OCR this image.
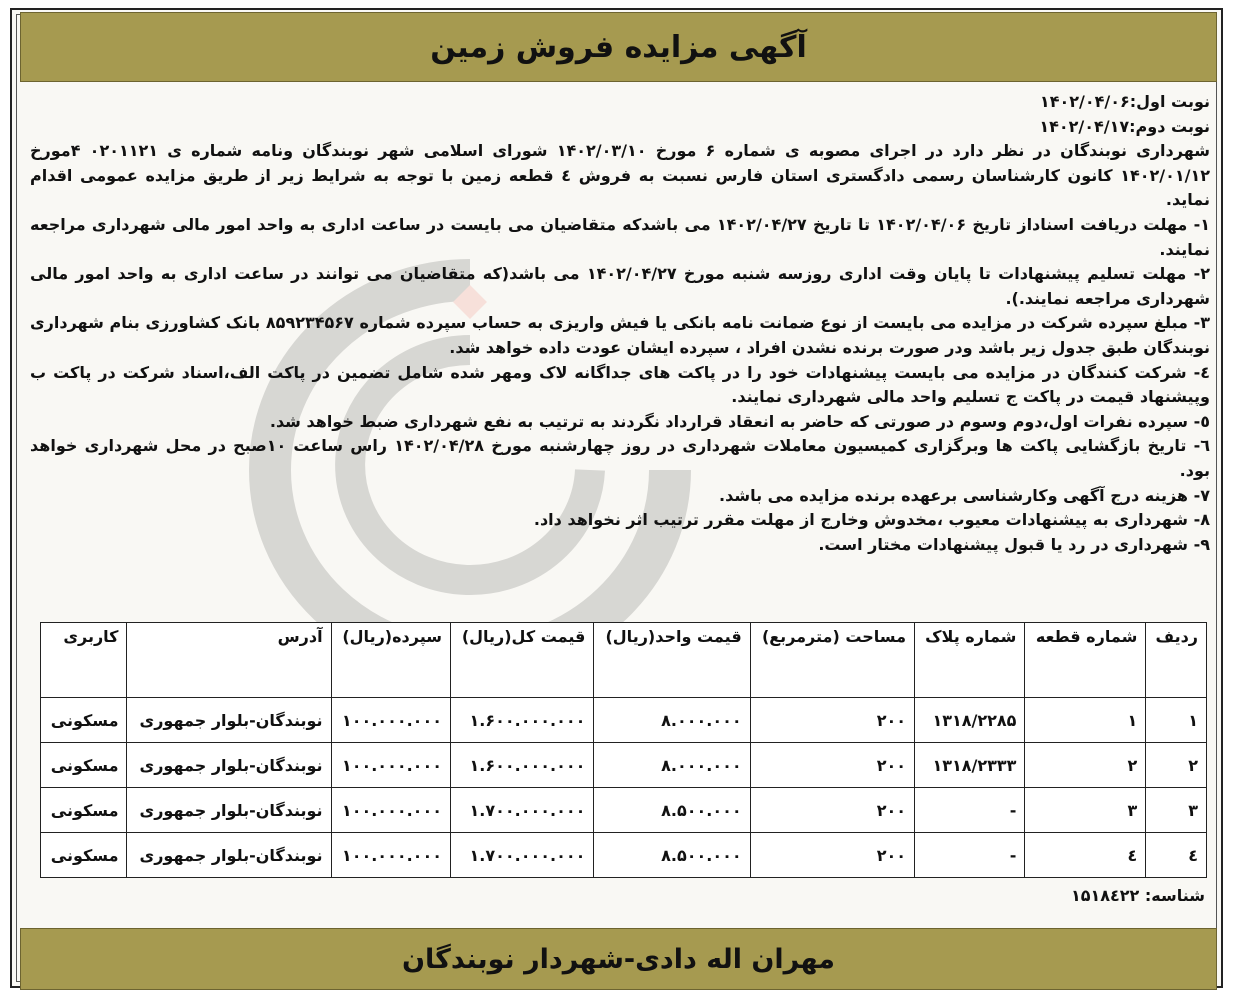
آگهی مزایده فروش زمین

نوبت اول:۱۴۰۲/۰۴/۰۶

نوبت دوم:۱۴۰۲/۰۴/۱۷

شهرداری نوبندگان در نظر دارد در اجرای مصوبه ی شماره ۶ مورخ ۱۴۰۲/۰۳/۱۰ شورای اسلامی شهر نوبندگان ونامه شماره ی ۰۲۰۱۱۲۱ ۴مورخ ۱۴۰۲/۰۱/۱۲ کانون کارشناسان رسمی دادگستری استان فارس نسبت به فروش ٤ قطعه زمین با توجه به شرایط زیر از طریق مزایده عمومی اقدام نماید.

۱- مهلت دریافت اسناداز تاریخ ۱۴۰۲/۰۴/۰۶ تا تاریخ ۱۴۰۲/۰۴/۲۷ می باشدکه متقاضیان می بایست در ساعت اداری به واحد امور مالی شهرداری مراجعه نمایند.

۲- مهلت تسلیم پیشنهادات تا پایان وقت اداری روزسه شنبه مورخ ۱۴۰۲/۰۴/۲۷ می باشد(که متقاضیان می توانند در ساعت اداری به واحد امور مالی شهرداری مراجعه نمایند.).

۳- مبلغ سپرده شرکت در مزایده می بایست از نوع ضمانت نامه بانکی یا فیش واریزی به حساب سپرده شماره ۸۵۹۲۳۴۵۶۷ بانک کشاورزی بنام شهرداری نوبندگان طبق جدول زیر باشد ودر صورت برنده نشدن افراد ، سپرده ایشان عودت داده خواهد شد.

٤- شرکت کنندگان در مزایده می بایست پیشنهادات خود را در پاکت های جداگانه لاک ومهر شده شامل تضمین در پاکت الف،اسناد شرکت در پاکت ب وپیشنهاد قیمت در پاکت ج تسلیم واحد مالی شهرداری نمایند.

٥- سپرده نفرات اول،دوم وسوم در صورتی که حاضر به انعقاد قرارداد نگردند به ترتیب به نفع شهرداری ضبط خواهد شد.

٦- تاریخ بازگشایی پاکت ها وبرگزاری کمیسیون معاملات شهرداری در روز چهارشنبه مورخ ۱۴۰۲/۰۴/۲۸ راس ساعت ۱۰صبح در محل شهرداری خواهد بود.

۷- هزینه درج آگهی وکارشناسی برعهده برنده مزایده می باشد.

۸- شهرداری به پیشنهادات معیوب ،مخدوش وخارج از مهلت مقرر ترتیب اثر نخواهد داد.

۹- شهرداری در رد یا قبول پیشنهادات مختار است.

ردیف	شماره قطعه	شماره پلاک	مساحت (مترمربع)	قیمت واحد(ریال)	قیمت کل(ریال)	سپرده(ریال)	آدرس	کاربری
۱	۱	۱۳۱۸/۲۲۸۵	۲۰۰	۸.۰۰۰.۰۰۰	۱.۶۰۰.۰۰۰.۰۰۰	۱۰۰.۰۰۰.۰۰۰	نوبندگان-بلوار جمهوری	مسکونی
۲	۲	۱۳۱۸/۲۳۳۳	۲۰۰	۸.۰۰۰.۰۰۰	۱.۶۰۰.۰۰۰.۰۰۰	۱۰۰.۰۰۰.۰۰۰	نوبندگان-بلوار جمهوری	مسکونی
۳	۳	-	۲۰۰	۸.۵۰۰.۰۰۰	۱.۷۰۰.۰۰۰.۰۰۰	۱۰۰.۰۰۰.۰۰۰	نوبندگان-بلوار جمهوری	مسکونی
٤	٤	-	۲۰۰	۸.۵۰۰.۰۰۰	۱.۷۰۰.۰۰۰.۰۰۰	۱۰۰.۰۰۰.۰۰۰	نوبندگان-بلوار جمهوری	مسکونی
شناسه: ۱۵۱۸٤۲۲
مهران اله دادی-شهردار نوبندگان
